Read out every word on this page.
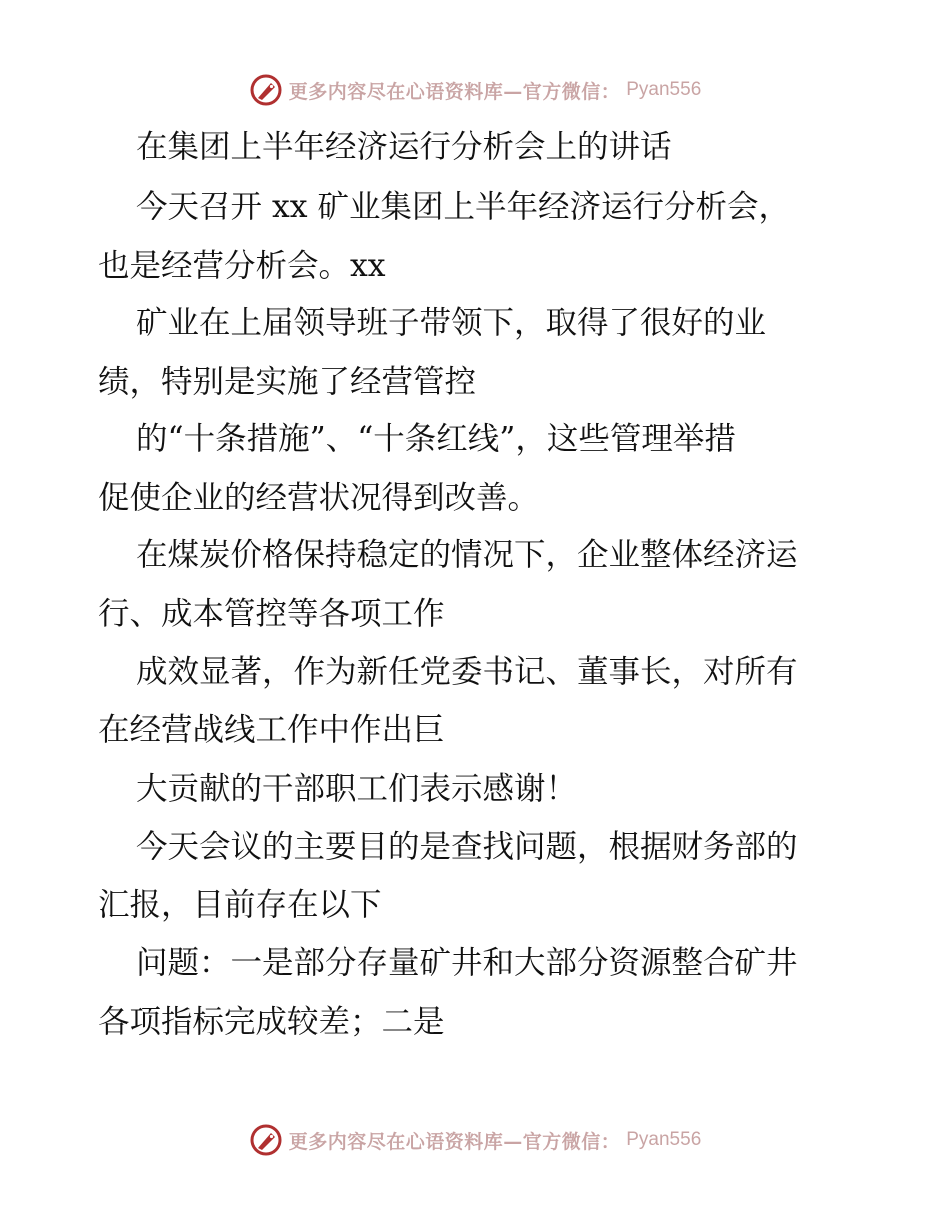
更多内容尽在心语资料库—官方微信： Pyan556
在集团上半年经济运行分析会上的讲话
今天召开 xx 矿业集团上半年经济运行分析会，
也是经营分析会。xx
矿业在上届领导班子带领下，取得了很好的业
绩，特别是实施了经营管控
的“十条措施”、“十条红线”，这些管理举措
促使企业的经营状况得到改善。
在煤炭价格保持稳定的情况下，企业整体经济运
行、成本管控等各项工作
成效显著，作为新任党委书记、董事长，对所有
在经营战线工作中作出巨
大贡献的干部职工们表示感谢！
今天会议的主要目的是查找问题，根据财务部的
汇报，目前存在以下
问题：一是部分存量矿井和大部分资源整合矿井
各项指标完成较差；二是
更多内容尽在心语资料库—官方微信： Pyan556
